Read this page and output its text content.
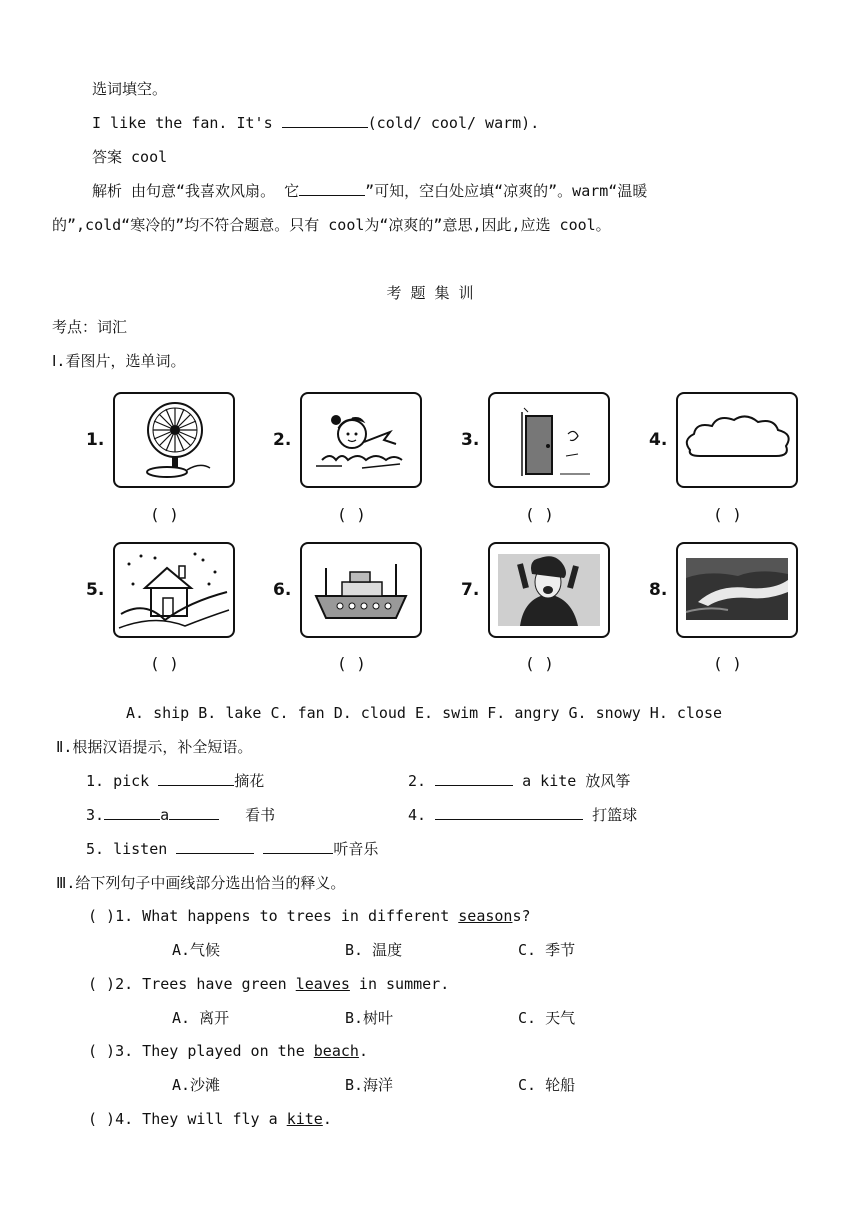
选词填空。
I like the fan. It's	(cold/ cool/ warm).
答案 cool
解析 由句意“我喜欢风扇。 它	”可知，空白处应填“凉爽的”。warm“温暖
的”,cold“寒冷的”均不符合题意。只有 cool为“凉爽的”意思,因此,应选 cool。
考 题 集 训
考点：词汇
Ⅰ.看图片，选单词。
1.
( )
2.
( )
3.
( )
4.
( )
5.
( )
6.
( )
7.
( )
8.
( )
A. ship B. lake C. fan D. cloud E. swim F. angry G. snowy H. close
Ⅱ.根据汉语提示，补全短语。
1. pick	摘花	2.	a kite 放风筝
3.	a	看书	4.	打篮球
5. listen	听音乐
Ⅲ.给下列句子中画线部分选出恰当的释义。
( )1. What happens to trees in different seasons?
A.气候	B. 温度	C. 季节
( )2. Trees have green leaves in summer.
A. 离开	B.树叶	C. 天气
( )3. They played on the beach.
A.沙滩	B.海洋	C. 轮船
( )4. They will fly a kite.
